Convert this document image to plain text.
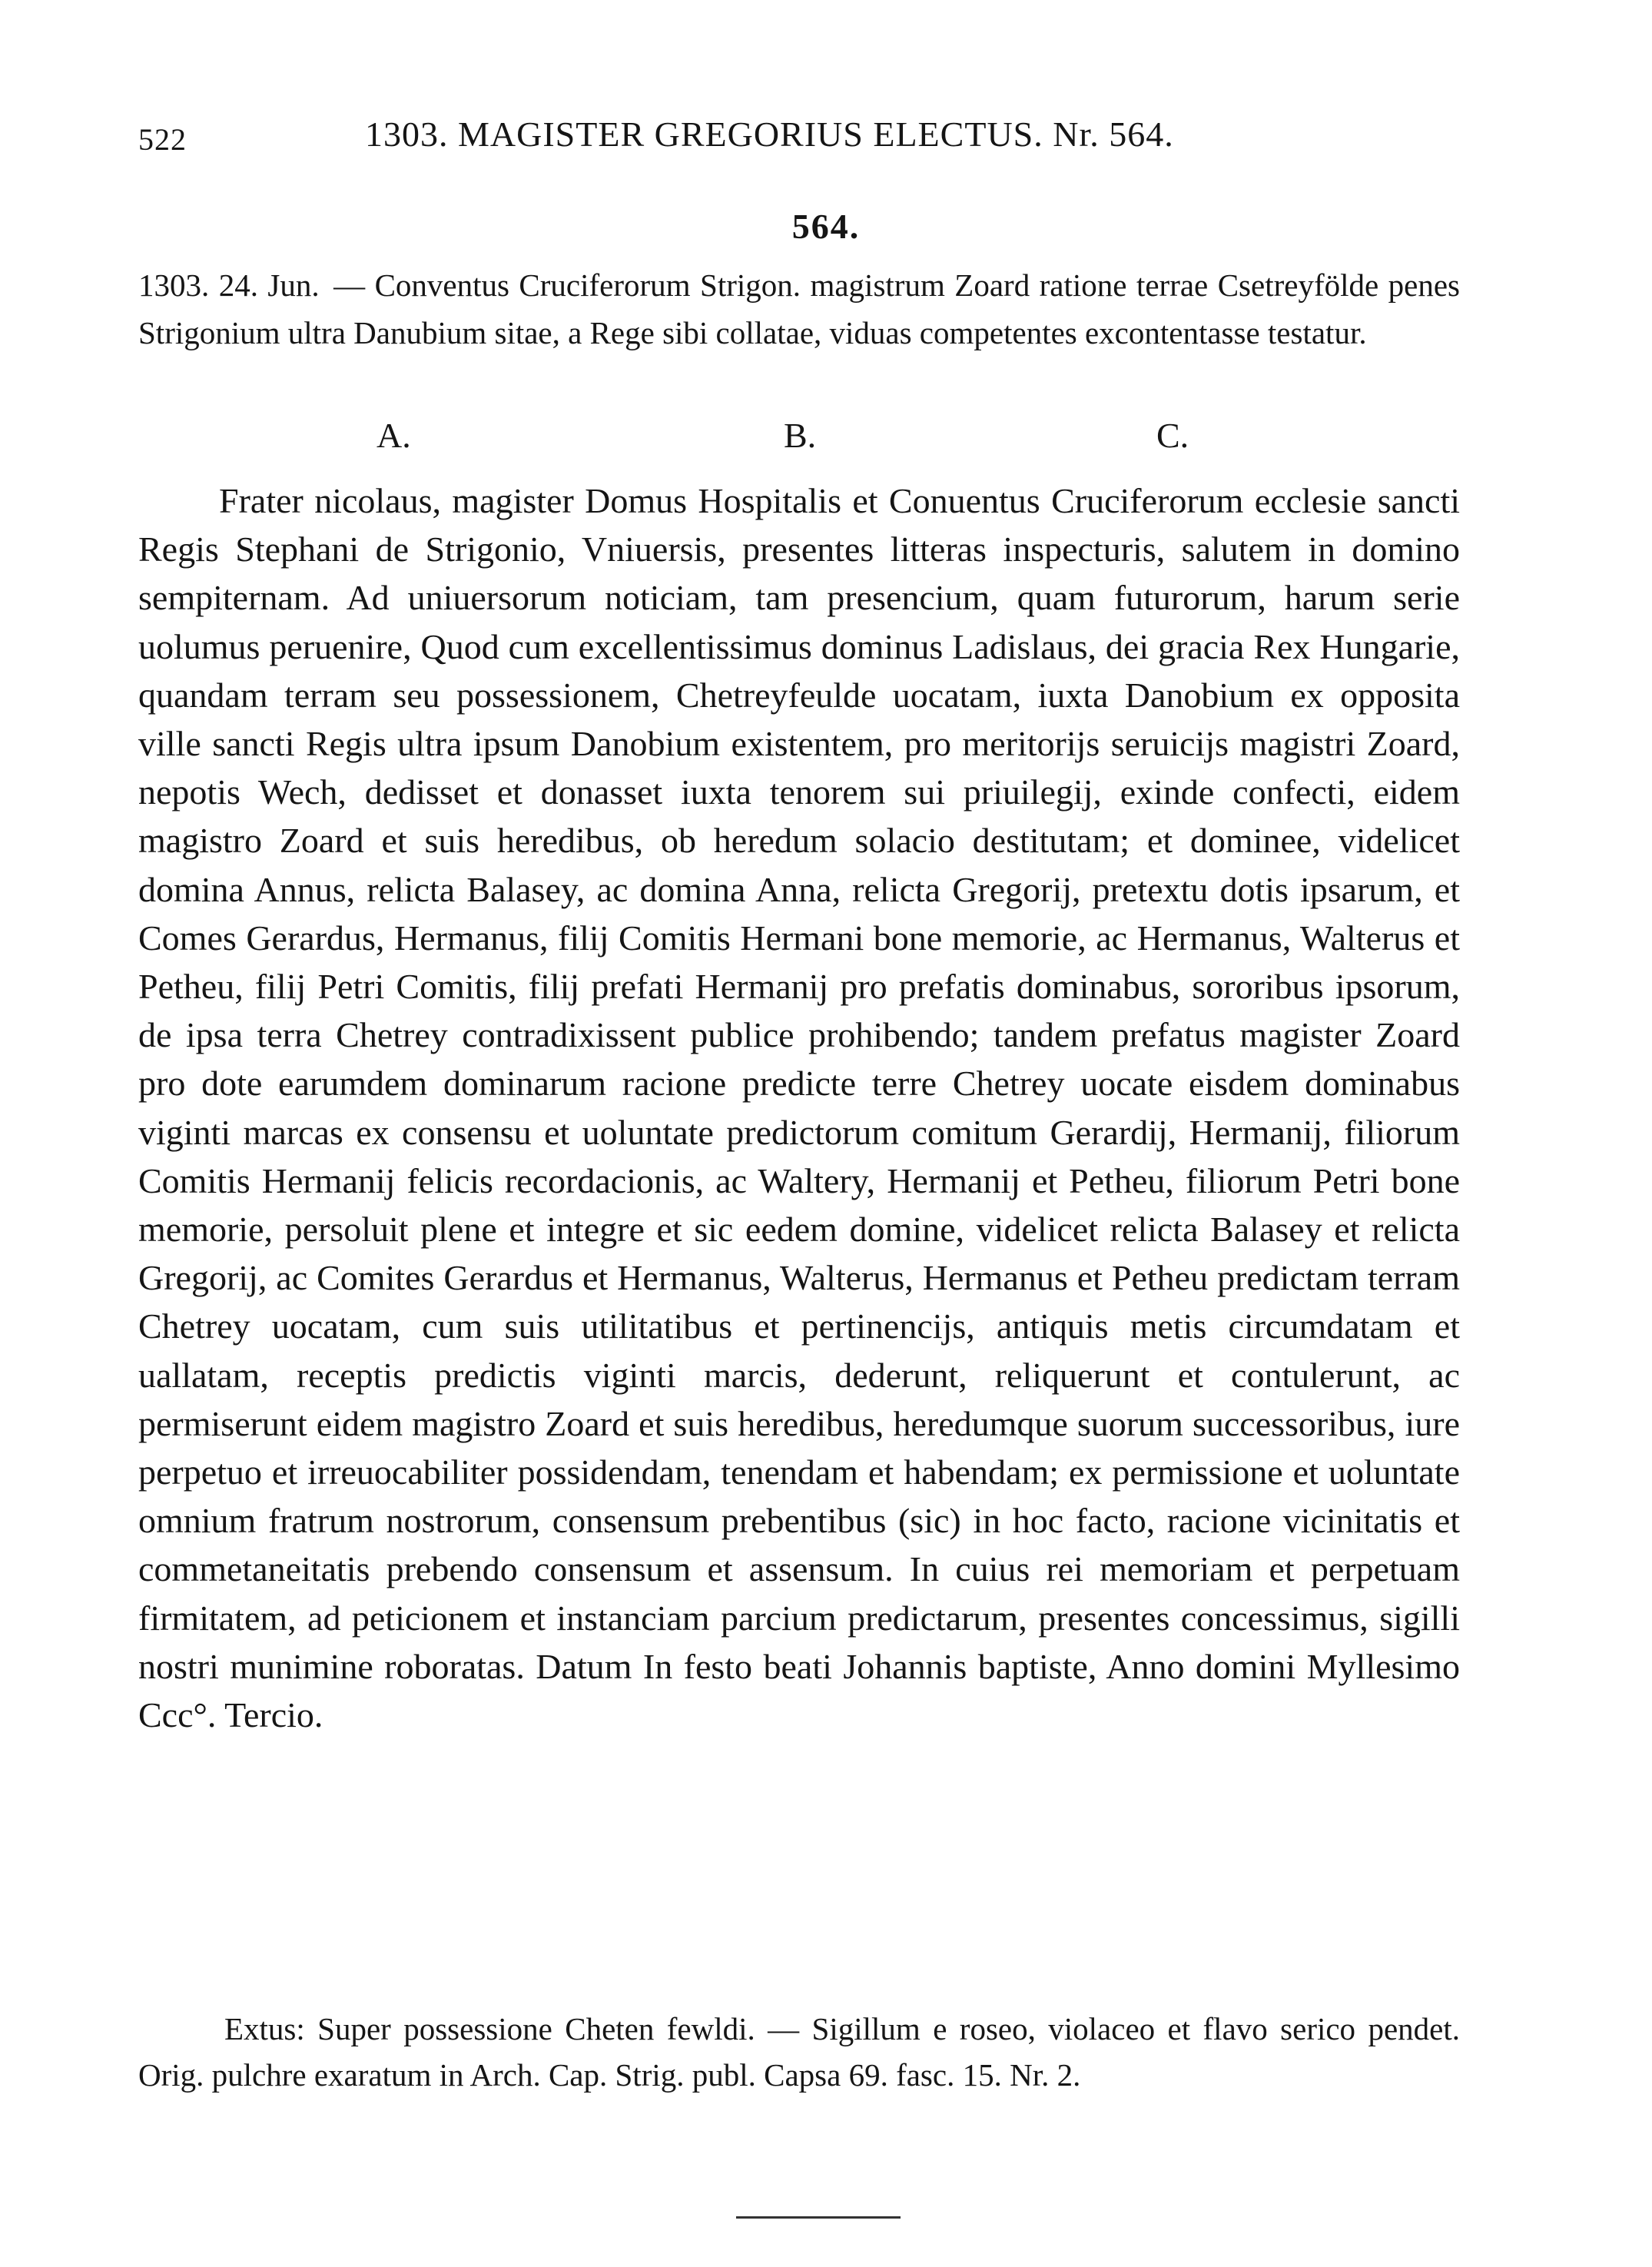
522	1303. MAGISTER GREGORIUS ELECTUS. Nr. 564.
564.
1303. 24. Jun. — Conventus Cruciferorum Strigon. magistrum Zoard ratione terrae Csetreyfölde penes Strigonium ultra Danubium sitae, a Rege sibi collatae, viduas competentes excontentasse testatur.
A.	B.	C.

Frater nicolaus, magister Domus Hospitalis et Conuentus Cruciferorum ecclesie sancti Regis Stephani de Strigonio, Vniuersis, presentes litteras inspecturis, salutem in domino sempiternam. Ad uniuersorum noticiam, tam presencium, quam futurorum, harum serie uolumus peruenire, Quod cum excellentissimus dominus Ladislaus, dei gracia Rex Hungarie, quandam terram seu possessionem, Chetreyfeulde uocatam, iuxta Danobium ex opposita ville sancti Regis ultra ipsum Danobium existentem, pro meritorijs seruicijs magistri Zoard, nepotis Wech, dedisset et donasset iuxta tenorem sui priuilegij, exinde confecti, eidem magistro Zoard et suis heredibus, ob heredum solacio destitutam; et dominee, videlicet domina Annus, relicta Balasey, ac domina Anna, relicta Gregorij, pretextu dotis ipsarum, et Comes Gerardus, Hermanus, filij Comitis Hermani bone memorie, ac Hermanus, Walterus et Petheu, filij Petri Comitis, filij prefati Hermanij pro prefatis dominabus, sororibus ipsorum, de ipsa terra Chetrey contradixissent publice prohibendo; tandem prefatus magister Zoard pro dote earumdem dominarum racione predicte terre Chetrey uocate eisdem dominabus viginti marcas ex consensu et uoluntate predictorum comitum Gerardij, Hermanij, filiorum Comitis Hermanij felicis recordacionis, ac Waltery, Hermanij et Petheu, filiorum Petri bone memorie, persoluit plene et integre et sic eedem domine, videlicet relicta Balasey et relicta Gregorij, ac Comites Gerardus et Hermanus, Walterus, Hermanus et Petheu predictam terram Chetrey uocatam, cum suis utilitatibus et pertinencijs, antiquis metis circumdatam et uallatam, receptis predictis viginti marcis, dederunt, reliquerunt et contulerunt, ac permiserunt eidem magistro Zoard et suis heredibus, heredumque suorum successoribus, iure perpetuo et irreuocabiliter possidendam, tenendam et habendam; ex permissione et uoluntate omnium fratrum nostrorum, consensum prebentibus (sic) in hoc facto, racione vicinitatis et commetaneitatis prebendo consensum et assensum. In cuius rei memoriam et perpetuam firmitatem, ad peticionem et instanciam parcium predictarum, presentes concessimus, sigilli nostri munimine roboratas. Datum In festo beati Johannis baptiste, Anno domini Myllesimo Ccc°. Tercio.

Extus: Super possessione Cheten fewldi. — Sigillum e roseo, violaceo et flavo serico pendet. Orig. pulchre exaratum in Arch. Cap. Strig. publ. Capsa 69. fasc. 15. Nr. 2.
